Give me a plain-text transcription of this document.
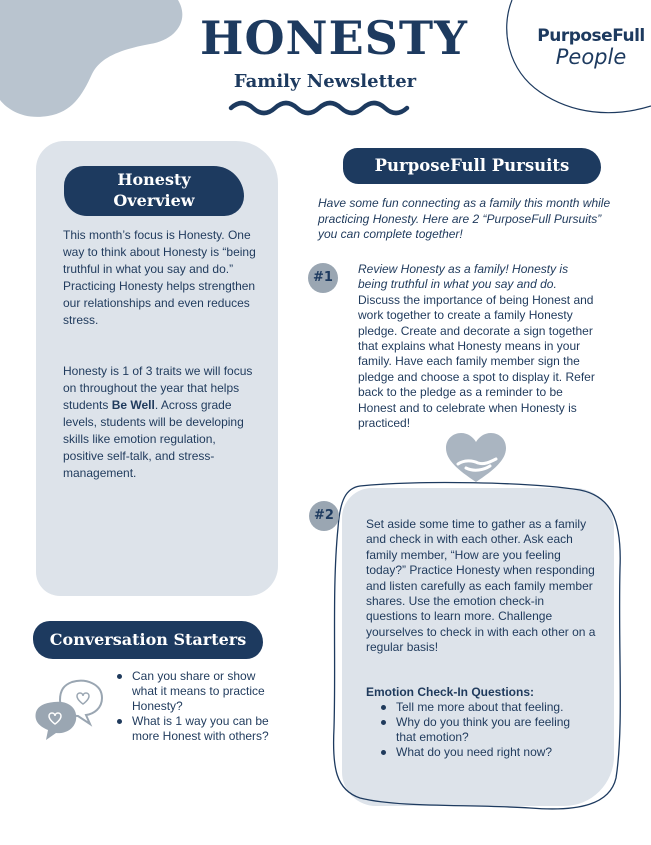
HONESTY
Family Newsletter
PurposeFull
People
Honesty
Overview

This month’s focus is Honesty. One way to think about Honesty is “being truthful in what you say and do.” Practicing Honesty helps strengthen our relationships and even reduces stress.

Honesty is 1 of 3 traits we will focus on throughout the year that helps students Be Well. Across grade levels, students will be developing skills like emotion regulation, positive self-talk, and stress-management.

PurposeFull Pursuits

Have some fun connecting as a family this month while practicing Honesty. Here are 2 “PurposeFull Pursuits” you can complete together!

#1

Review Honesty as a family! Honesty is being truthful in what you say and do. Discuss the importance of being Honest and work together to create a family Honesty pledge. Create and decorate a sign together that explains what Honesty means in your family. Have each family member sign the pledge and choose a spot to display it. Refer back to the pledge as a reminder to be Honest and to celebrate when Honesty is practiced!

#2

Set aside some time to gather as a family and check in with each other. Ask each family member, “How are you feeling today?” Practice Honesty when responding and listen carefully as each family member shares. Use the emotion check-in questions to learn more. Challenge yourselves to check in with each other on a regular basis!

Emotion Check-In Questions:

Tell me more about that feeling.
Why do you think you are feeling that emotion?
What do you need right now?
Conversation Starters
Can you share or show what it means to practice Honesty?
What is 1 way you can be more Honest with others?
